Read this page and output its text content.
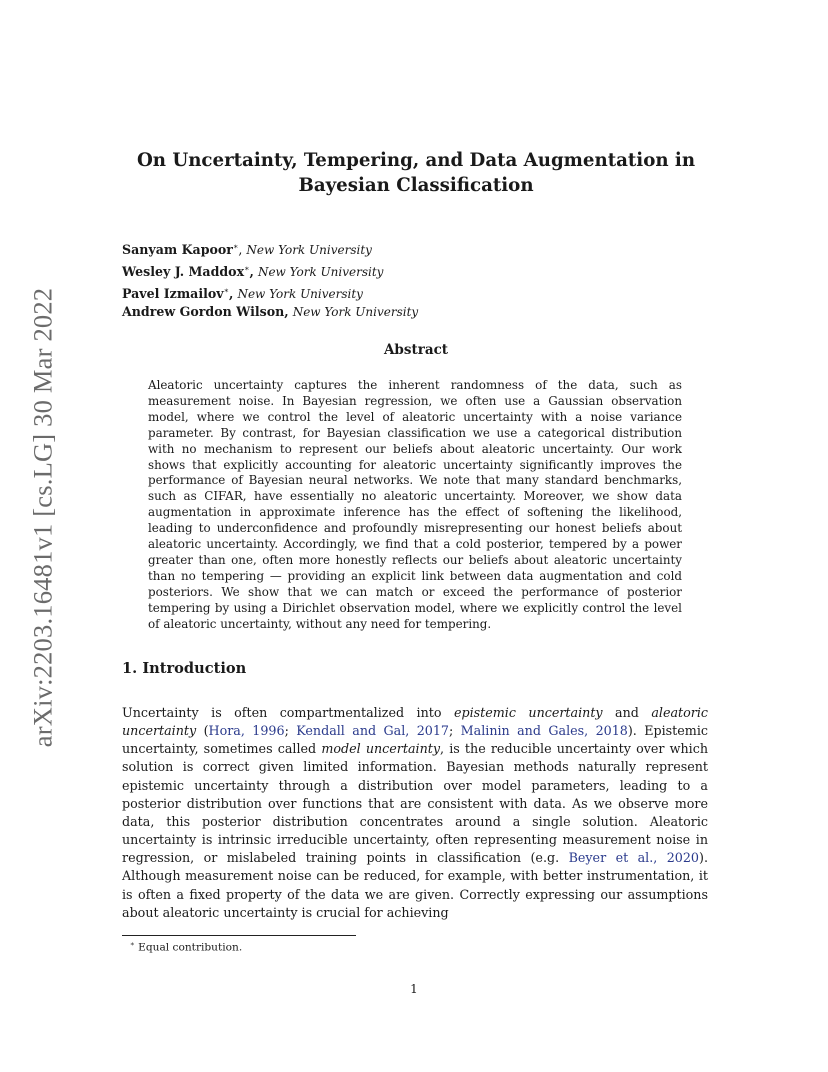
arXiv:2203.16481v1 [cs.LG] 30 Mar 2022
On Uncertainty, Tempering, and Data Augmentation in
Bayesian Classification
Sanyam Kapoor∗, New York University
Wesley J. Maddox∗, New York University
Pavel Izmailov∗, New York University
Andrew Gordon Wilson, New York University
Abstract

Aleatoric uncertainty captures the inherent randomness of the data, such as measurement noise. In Bayesian regression, we often use a Gaussian observation model, where we control the level of aleatoric uncertainty with a noise variance parameter. By contrast, for Bayesian classification we use a categorical distribution with no mechanism to represent our beliefs about aleatoric uncertainty. Our work shows that explicitly accounting for aleatoric uncertainty significantly improves the performance of Bayesian neural networks. We note that many standard benchmarks, such as CIFAR, have essentially no aleatoric uncertainty. Moreover, we show data augmentation in approximate inference has the effect of softening the likelihood, leading to underconfidence and profoundly misrepresenting our honest beliefs about aleatoric uncertainty. Accordingly, we find that a cold posterior, tempered by a power greater than one, often more honestly reflects our beliefs about aleatoric uncertainty than no tempering — providing an explicit link between data augmentation and cold posteriors. We show that we can match or exceed the performance of posterior tempering by using a Dirichlet observation model, where we explicitly control the level of aleatoric uncertainty, without any need for tempering.

1. Introduction

Uncertainty is often compartmentalized into epistemic uncertainty and aleatoric uncertainty (Hora, 1996; Kendall and Gal, 2017; Malinin and Gales, 2018). Epistemic uncertainty, sometimes called model uncertainty, is the reducible uncertainty over which solution is correct given limited information. Bayesian methods naturally represent epistemic uncertainty through a distribution over model parameters, leading to a posterior distribution over functions that are consistent with data. As we observe more data, this posterior distribution concentrates around a single solution. Aleatoric uncertainty is intrinsic irreducible uncertainty, often representing measurement noise in regression, or mislabeled training points in classification (e.g. Beyer et al., 2020). Although measurement noise can be reduced, for example, with better instrumentation, it is often a fixed property of the data we are given. Correctly expressing our assumptions about aleatoric uncertainty is crucial for achieving

∗ Equal contribution.
1
